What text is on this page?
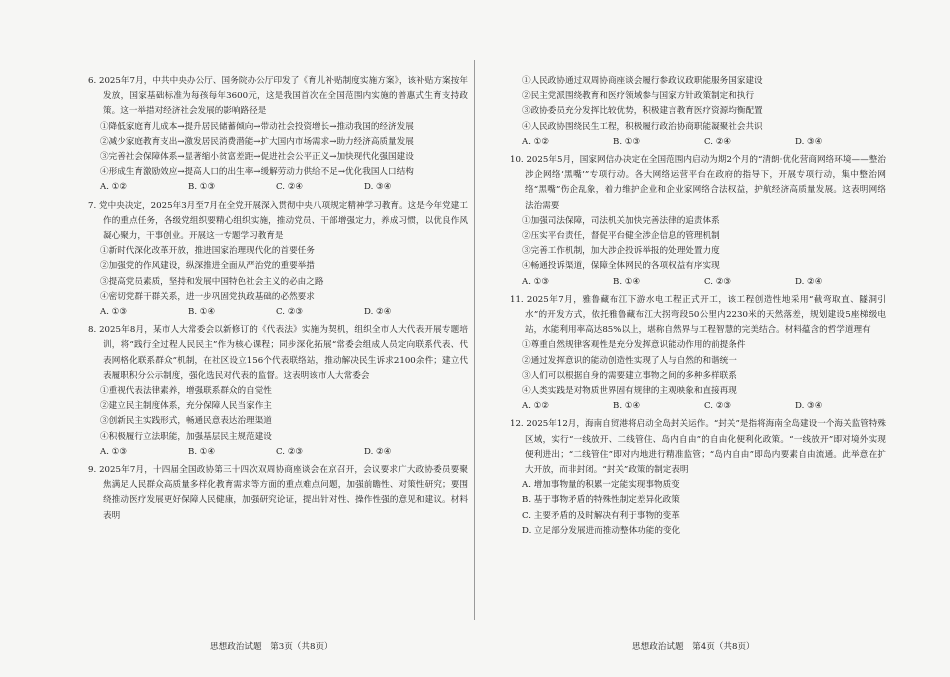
6. 2025年7月，中共中央办公厅、国务院办公厅印发了《育儿补贴制度实施方案》，该补贴方案按年发放，国家基础标准为每孩每年3600元，这是我国首次在全国范围内实施的普惠式生育支持政策。这一举措对经济社会发展的影响路径是
①降低家庭育儿成本→提升居民储蓄倾向→带动社会投资增长→推动我国的经济发展
②减少家庭教育支出→激发居民消费潜能→扩大国内市场需求→助力经济高质量发展
③完善社会保障体系→显著缩小贫富差距→促进社会公平正义→加快现代化强国建设
④形成生育激励效应→提高人口的出生率→缓解劳动力供给不足→优化我国人口结构
A. ①②	B. ①③	C. ②④	D. ③④
7. 党中央决定，2025年3月至7月在全党开展深入贯彻中央八项规定精神学习教育。这是今年党建工作的重点任务，各级党组织要精心组织实施，推动党员、干部增强定力，养成习惯，以优良作风凝心聚力，干事创业。开展这一专题学习教育是
①新时代深化改革开放，推进国家治理现代化的首要任务
②加强党的作风建设，纵深推进全面从严治党的重要举措
③提高党员素质，坚持和发展中国特色社会主义的必由之路
④密切党群干群关系，进一步巩固党执政基础的必然要求
A. ①③	B. ①④	C. ②③	D. ②④
8. 2025年8月，某市人大常委会以新修订的《代表法》实施为契机，组织全市人大代表开展专题培训，将“践行全过程人民民主”作为核心课程；同步深化拓展“常委会组成人员定向联系代表、代表网格化联系群众”机制，在社区设立156个代表联络站，推动解决民生诉求2100余件；建立代表履职积分公示制度，强化选民对代表的监督。这表明该市人大常委会
①重视代表法律素养，增强联系群众的自觉性
②建立民主制度体系，充分保障人民当家作主
③创新民主实践形式，畅通民意表达治理渠道
④积极履行立法职能，加强基层民主规范建设
A. ①③	B. ①④	C. ②③	D. ②④
9. 2025年7月，十四届全国政协第三十四次双周协商座谈会在京召开，会议要求广大政协委员要聚焦满足人民群众高质量多样化教育需求等方面的重点难点问题，加强前瞻性、对策性研究；要围绕推动医疗发展更好保障人民健康，加强研究论证，提出针对性、操作性强的意见和建议。材料表明
①人民政协通过双周协商座谈会履行参政议政职能服务国家建设
②民主党派围绕教育和医疗领域参与国家方针政策制定和执行
③政协委员充分发挥比较优势，积极建言教育医疗资源均衡配置
④人民政协围绕民生工程，积极履行政治协商职能凝聚社会共识
A. ①②	B. ①③	C. ②④	D. ③④
10. 2025年5月，国家网信办决定在全国范围内启动为期2个月的“清朗·优化营商网络环境——整治涉企网络‘黑嘴’”专项行动。各大网络运营平台在政府的指导下，开展专项行动，集中整治网络“黑嘴”伤企乱象，着力维护企业和企业家网络合法权益，护航经济高质量发展。这表明网络法治需要
①加强司法保障，司法机关加快完善法律的追责体系
②压实平台责任，督促平台健全涉企信息的管理机制
③完善工作机制，加大涉企投诉举报的处理处置力度
④畅通投诉渠道，保障全体网民的各项权益有序实现
A. ①③	B. ①④	C. ②③	D. ②④
11. 2025年7月，雅鲁藏布江下游水电工程正式开工，该工程创造性地采用“截弯取直、隧洞引水”的开发方式，依托雅鲁藏布江大拐弯段50公里内2230米的天然落差，规划建设5座梯级电站，水能利用率高达85%以上，堪称自然界与工程智慧的完美结合。材料蕴含的哲学道理有
①尊重自然规律客观性是充分发挥意识能动作用的前提条件
②通过发挥意识的能动创造性实现了人与自然的和谐统一
③人们可以根据自身的需要建立事物之间的多种多样联系
④人类实践是对物质世界固有规律的主观映象和直接再现
A. ①②	B. ①④	C. ②③	D. ③④
12. 2025年12月，海南自贸港将启动全岛封关运作。“封关”是指将海南全岛建设一个海关监管特殊区域，实行“一线放开、二线管住、岛内自由”的自由化便利化政策。“一线放开”即对境外实现便利进出；“二线管住”即对内地进行精准监管；“岛内自由”即岛内要素自由流通。此举意在扩大开放，而非封闭。“封关”政策的制定表明
A. 增加事物量的积累一定能实现事物质变
B. 基于事物矛盾的特殊性制定差异化政策
C. 主要矛盾的及时解决有利于事物的变革
D. 立足部分发展进而推动整体功能的变化
思想政治试题　第3页（共8页）	思想政治试题　第4页（共8页）
